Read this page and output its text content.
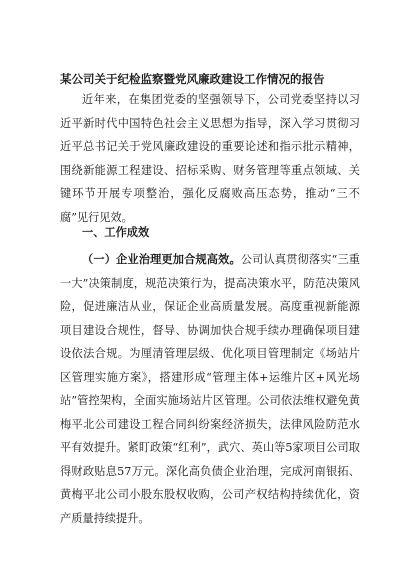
某公司关于纪检监察暨党风廉政建设工作情况的报告

近年来，在集团党委的坚强领导下，公司党委坚持以习近平新时代中国特色社会主义思想为指导，深入学习贯彻习近平总书记关于党风廉政建设的重要论述和指示批示精神，围绕新能源工程建设、招标采购、财务管理等重点领域、关键环节开展专项整治，强化反腐败高压态势，推动“三不腐”见行见效。

一、工作成效

（一）企业治理更加合规高效。公司认真贯彻落实“三重一大”决策制度，规范决策行为，提高决策水平，防范决策风险，促进廉洁从业，保证企业高质量发展。高度重视新能源项目建设合规性，督导、协调加快合规手续办理确保项目建设依法合规。为厘清管理层级、优化项目管理制定《场站片区管理实施方案》，搭建形成“管理主体+运维片区+风光场站”管控架构，全面实施场站片区管理。公司依法维权避免黄梅平北公司建设工程合同纠纷案经济损失，法律风险防范水平有效提升。紧盯政策“红利”，武穴、英山等5家项目公司取得财政贴息57万元。深化高负债企业治理，完成河南银拓、黄梅平北公司小股东股权收购，公司产权结构持续优化，资产质量持续提升。
